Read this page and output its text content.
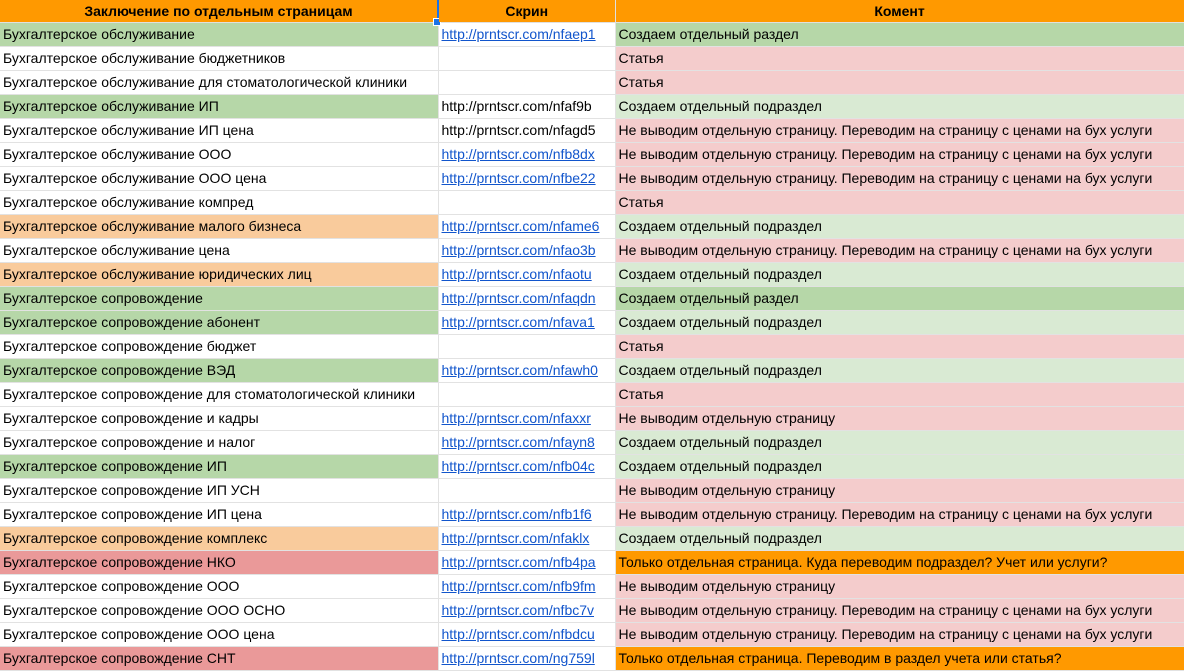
Заключение по отдельным страницам	Скрин	Комент
Бухгалтерское обслуживание	http://prntscr.com/nfaep1	Создаем отдельный раздел
Бухгалтерское обслуживание бюджетников		Статья
Бухгалтерское обслуживание для стоматологической клиники		Статья
Бухгалтерское обслуживание ИП	http://prntscr.com/nfaf9b	Создаем отдельный подраздел
Бухгалтерское обслуживание ИП цена	http://prntscr.com/nfagd5	Не выводим отдельную страницу. Переводим на страницу с ценами на бух услуги
Бухгалтерское обслуживание ООО	http://prntscr.com/nfb8dx	Не выводим отдельную страницу. Переводим на страницу с ценами на бух услуги
Бухгалтерское обслуживание ООО цена	http://prntscr.com/nfbe22	Не выводим отдельную страницу. Переводим на страницу с ценами на бух услуги
Бухгалтерское обслуживание компред		Статья
Бухгалтерское обслуживание малого бизнеса	http://prntscr.com/nfame6	Создаем отдельный подраздел
Бухгалтерское обслуживание цена	http://prntscr.com/nfao3b	Не выводим отдельную страницу. Переводим на страницу с ценами на бух услуги
Бухгалтерское обслуживание юридических лиц	http://prntscr.com/nfaotu	Создаем отдельный подраздел
Бухгалтерское сопровождение	http://prntscr.com/nfaqdn	Создаем отдельный раздел
Бухгалтерское сопровождение абонент	http://prntscr.com/nfava1	Создаем отдельный подраздел
Бухгалтерское сопровождение бюджет		Статья
Бухгалтерское сопровождение ВЭД	http://prntscr.com/nfawh0	Создаем отдельный подраздел
Бухгалтерское сопровождение для стоматологической клиники		Статья
Бухгалтерское сопровождение и кадры	http://prntscr.com/nfaxxr	Не выводим отдельную страницу
Бухгалтерское сопровождение и налог	http://prntscr.com/nfayn8	Создаем отдельный подраздел
Бухгалтерское сопровождение ИП	http://prntscr.com/nfb04c	Создаем отдельный подраздел
Бухгалтерское сопровождение ИП УСН		Не выводим отдельную страницу
Бухгалтерское сопровождение ИП цена	http://prntscr.com/nfb1f6	Не выводим отдельную страницу. Переводим на страницу с ценами на бух услуги
Бухгалтерское сопровождение комплекс	http://prntscr.com/nfaklx	Создаем отдельный подраздел
Бухгалтерское сопровождение НКО	http://prntscr.com/nfb4pa	Только отдельная страница. Куда переводим подраздел? Учет или услуги?
Бухгалтерское сопровождение ООО	http://prntscr.com/nfb9fm	Не выводим отдельную страницу
Бухгалтерское сопровождение ООО ОСНО	http://prntscr.com/nfbc7v	Не выводим отдельную страницу. Переводим на страницу с ценами на бух услуги
Бухгалтерское сопровождение ООО цена	http://prntscr.com/nfbdcu	Не выводим отдельную страницу. Переводим на страницу с ценами на бух услуги
Бухгалтерское сопровождение СНТ	http://prntscr.com/ng759l	Только отдельная страница. Переводим в раздел учета или статья?
